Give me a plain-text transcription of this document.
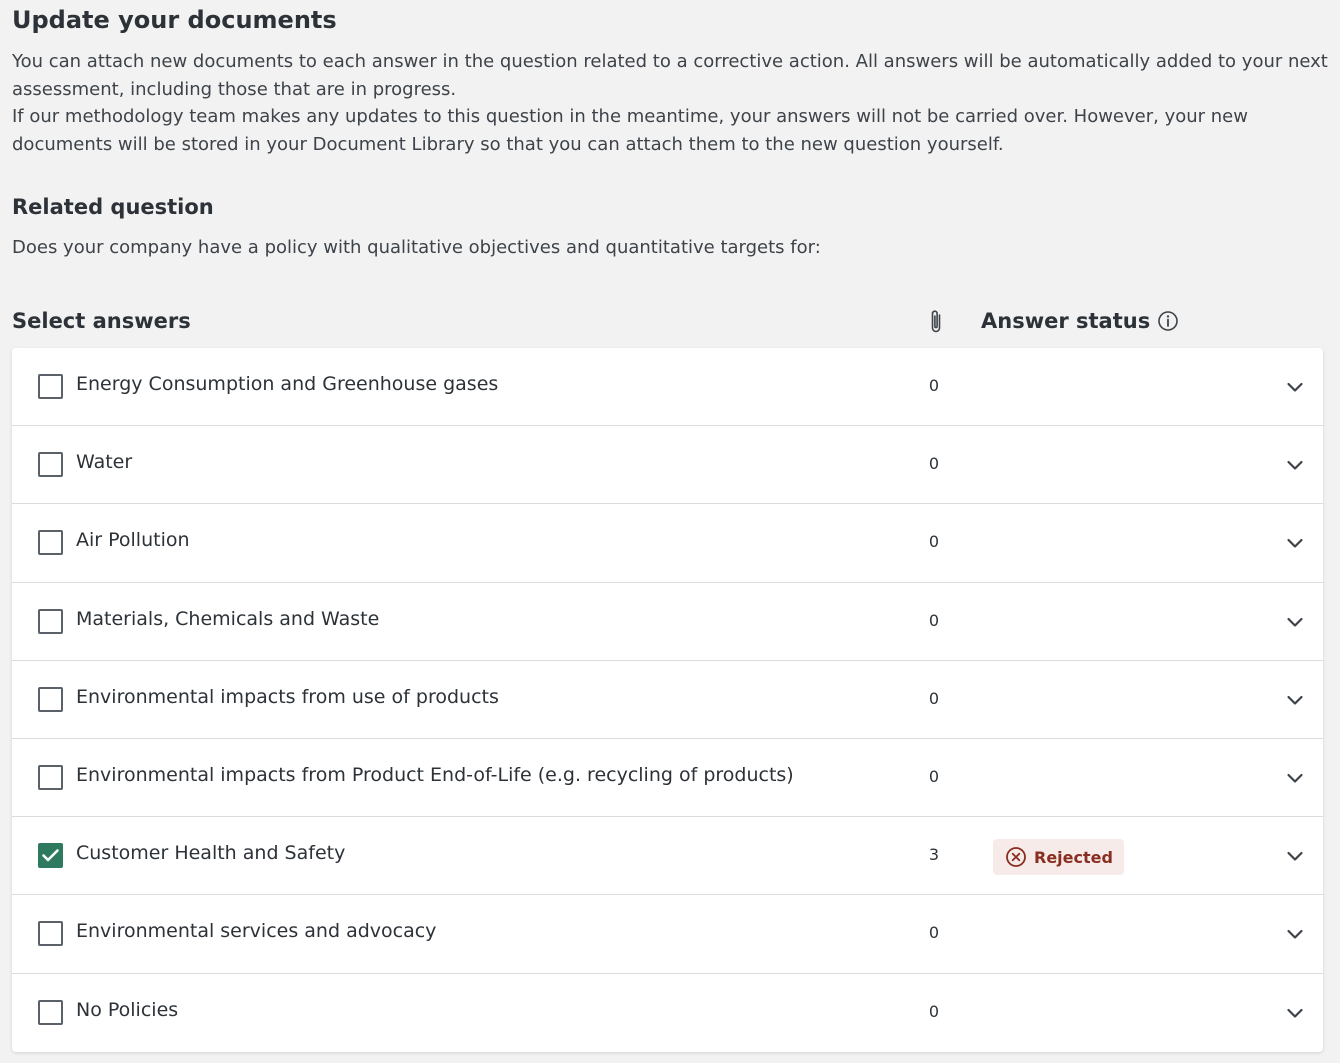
Update your documents

You can attach new documents to each answer in the question related to a corrective action. All answers will be automatically added to your next assessment, including those that are in progress.

If our methodology team makes any updates to this question in the meantime, your answers will not be carried over. However, your new documents will be stored in your Document Library so that you can attach them to the new question yourself.

Related question
Does your company have a policy with qualitative objectives and quantitative targets for:
Select answers	Answer status
Energy Consumption and Greenhouse gases	0
Water	0
Air Pollution	0
Materials, Chemicals and Waste	0
Environmental impacts from use of products	0
Environmental impacts from Product End-of-Life (e.g. recycling of products)	0
Customer Health and Safety	3	Rejected
Environmental services and advocacy	0
No Policies	0
